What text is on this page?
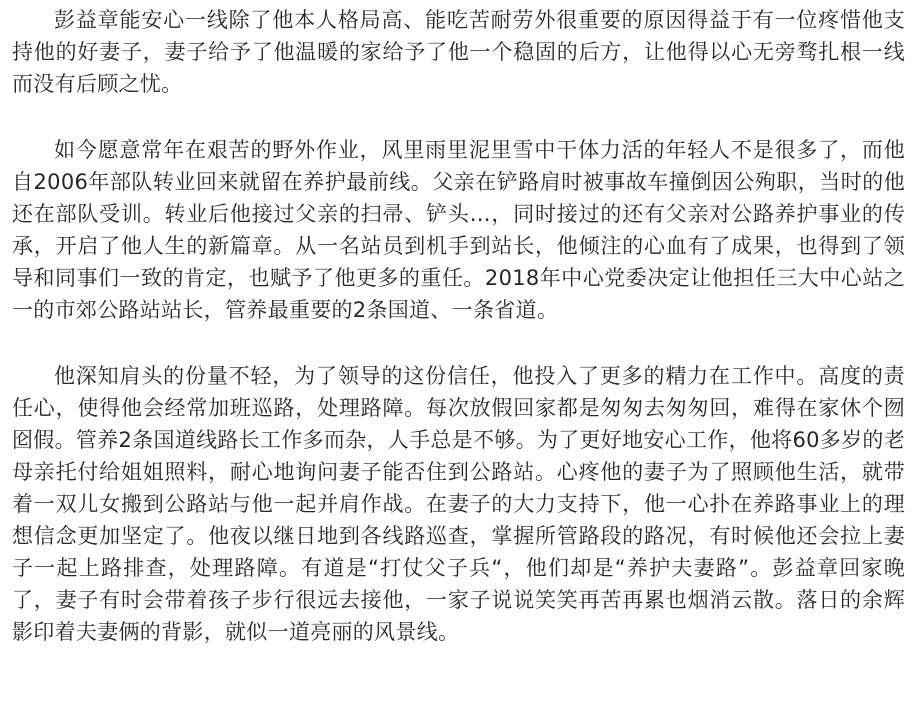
彭益章能安心一线除了他本人格局高、能吃苦耐劳外很重要的原因得益于有一位疼惜他支持他的好妻子，妻子给予了他温暖的家给予了他一个稳固的后方，让他得以心无旁骛扎根一线而没有后顾之忧。

如今愿意常年在艰苦的野外作业，风里雨里泥里雪中干体力活的年轻人不是很多了，而他自2006年部队转业回来就留在养护最前线。父亲在铲路肩时被事故车撞倒因公殉职，当时的他还在部队受训。转业后他接过父亲的扫帚、铲头…，同时接过的还有父亲对公路养护事业的传承，开启了他人生的新篇章。从一名站员到机手到站长，他倾注的心血有了成果，也得到了领导和同事们一致的肯定，也赋予了他更多的重任。2018年中心党委决定让他担任三大中心站之一的市郊公路站站长，管养最重要的2条国道、一条省道。

他深知肩头的份量不轻，为了领导的这份信任，他投入了更多的精力在工作中。高度的责任心，使得他会经常加班巡路，处理路障。每次放假回家都是匆匆去匆匆回，难得在家休个囫囵假。管养2条国道线路长工作多而杂，人手总是不够。为了更好地安心工作，他将60多岁的老母亲托付给姐姐照料，耐心地询问妻子能否住到公路站。心疼他的妻子为了照顾他生活，就带着一双儿女搬到公路站与他一起并肩作战。在妻子的大力支持下，他一心扑在养路事业上的理想信念更加坚定了。他夜以继日地到各线路巡查，掌握所管路段的路况，有时候他还会拉上妻子一起上路排查，处理路障。有道是“打仗父子兵“，他们却是“养护夫妻路”。彭益章回家晚了，妻子有时会带着孩子步行很远去接他，一家子说说笑笑再苦再累也烟消云散。落日的余辉影印着夫妻俩的背影，就似一道亮丽的风景线。
